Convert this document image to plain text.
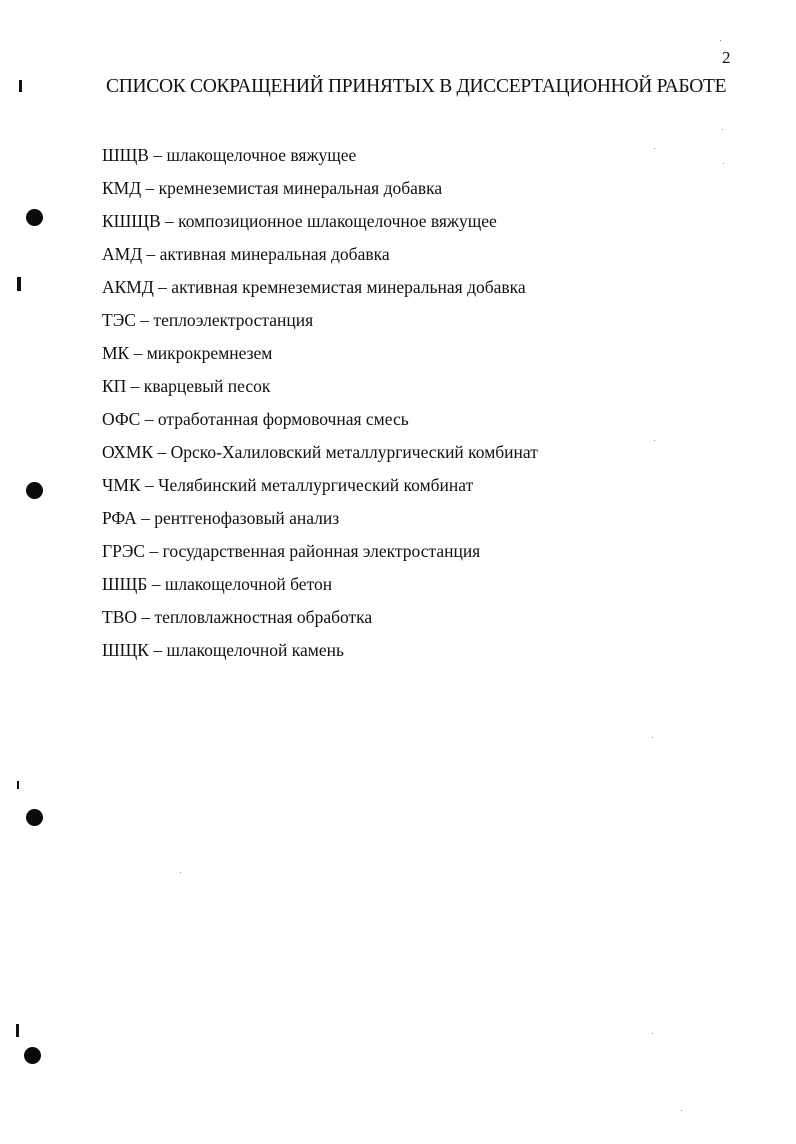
2
СПИСОК СОКРАЩЕНИЙ ПРИНЯТЫХ В ДИССЕРТАЦИОННОЙ РАБОТЕ
ШЩВ – шлакощелочное вяжущее
КМД – кремнеземистая минеральная добавка
КШЩВ – композиционное шлакощелочное вяжущее
АМД – активная минеральная добавка
АКМД – активная кремнеземистая минеральная добавка
ТЭС – теплоэлектростанция
МК – микрокремнезем
КП – кварцевый песок
ОФС – отработанная формовочная смесь
ОХМК – Орско-Халиловский металлургический комбинат
ЧМК – Челябинский металлургический комбинат
РФА – рентгенофазовый анализ
ГРЭС – государственная районная электростанция
ШЩБ – шлакощелочной бетон
ТВО – тепловлажностная обработка
ШЩК – шлакощелочной камень
